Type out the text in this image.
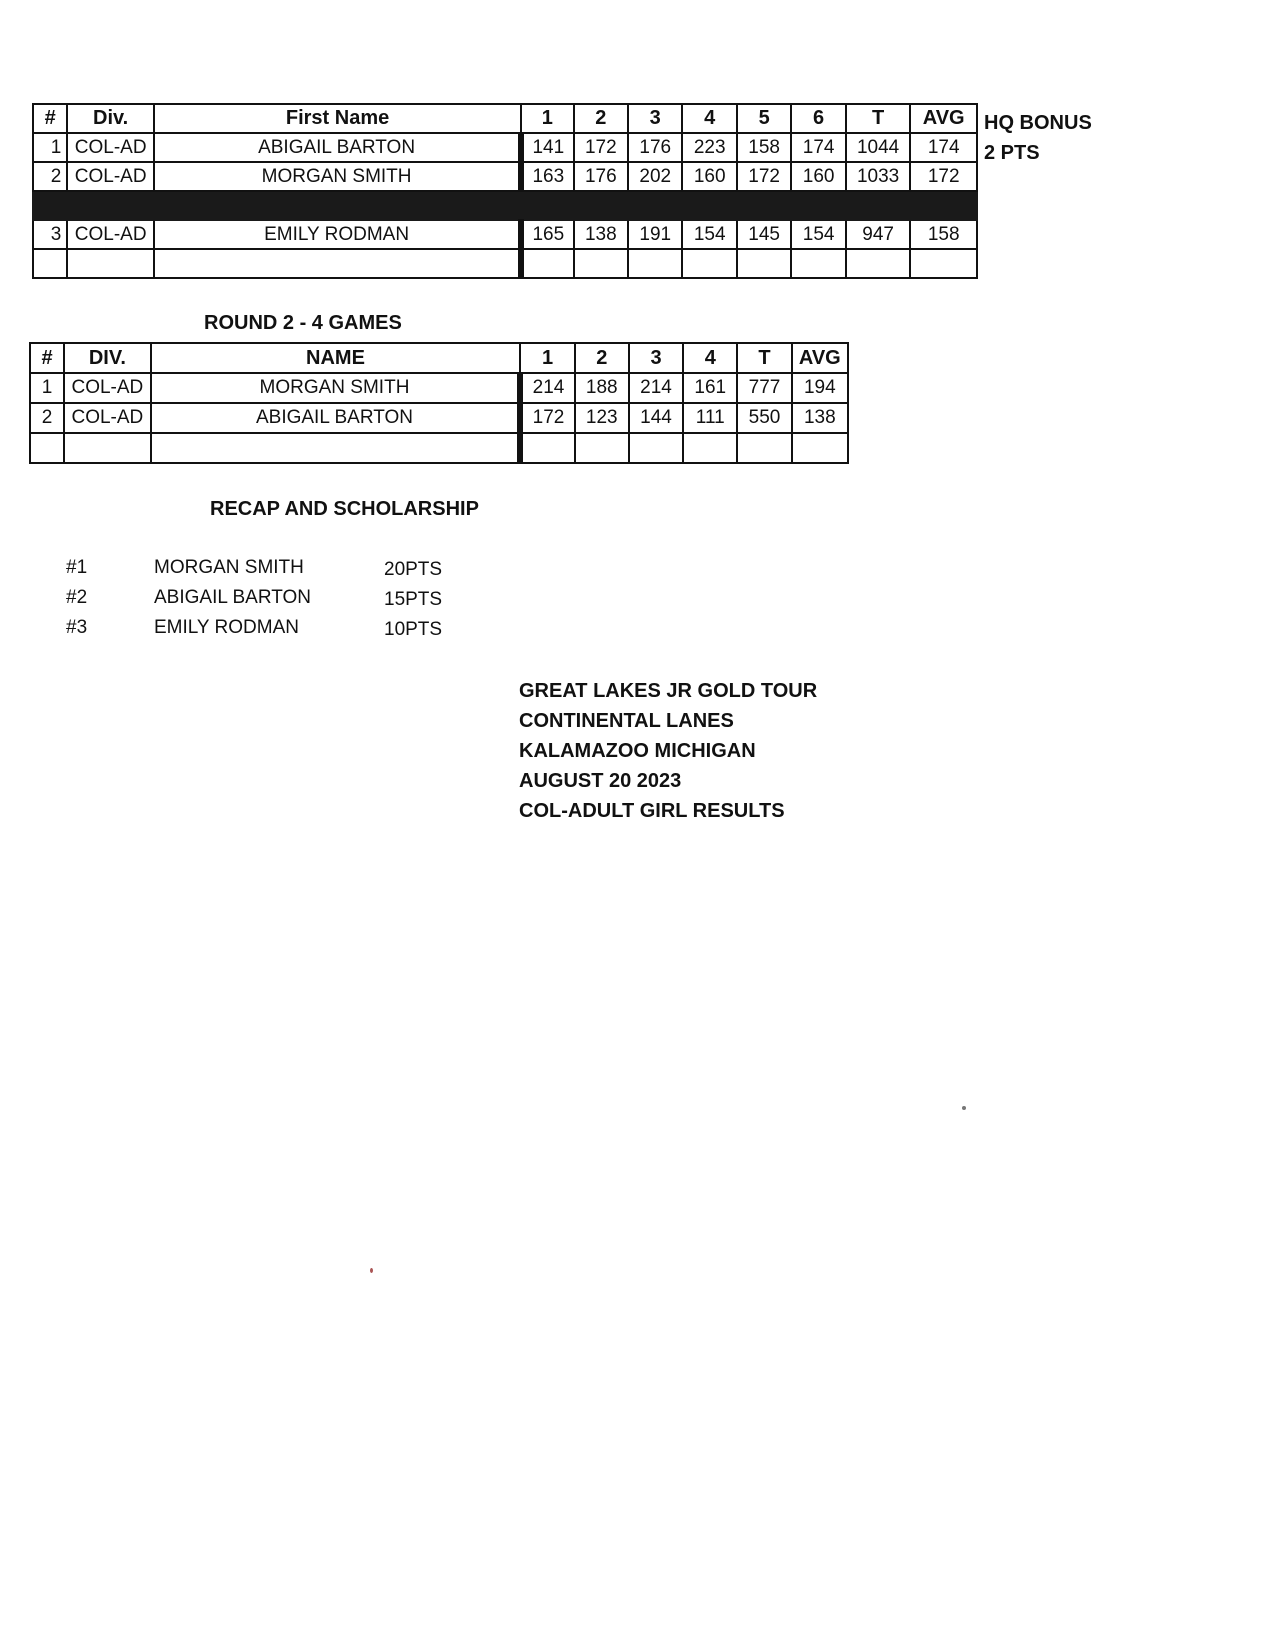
#	Div.	First Name	1	2	3	4	5	6	T	AVG
1	COL-AD	ABIGAIL BARTON	141	172	176	223	158	174	1044	174
2	COL-AD	MORGAN SMITH	163	176	202	160	172	160	1033	172

3	COL-AD	EMILY RODMAN	165	138	191	154	145	154	947	158

HQ BONUS
2 PTS
ROUND 2 - 4 GAMES
#	DIV.	NAME	1	2	3	4	T	AVG
1	COL-AD	MORGAN SMITH	214	188	214	161	777	194
2	COL-AD	ABIGAIL BARTON	172	123	144	111	550	138

RECAP AND SCHOLARSHIP
#1	MORGAN SMITH	20PTS
#2	ABIGAIL BARTON	15PTS
#3	EMILY RODMAN	10PTS
GREAT LAKES JR GOLD TOUR
CONTINENTAL LANES
KALAMAZOO MICHIGAN
AUGUST 20 2023
COL-ADULT GIRL RESULTS
